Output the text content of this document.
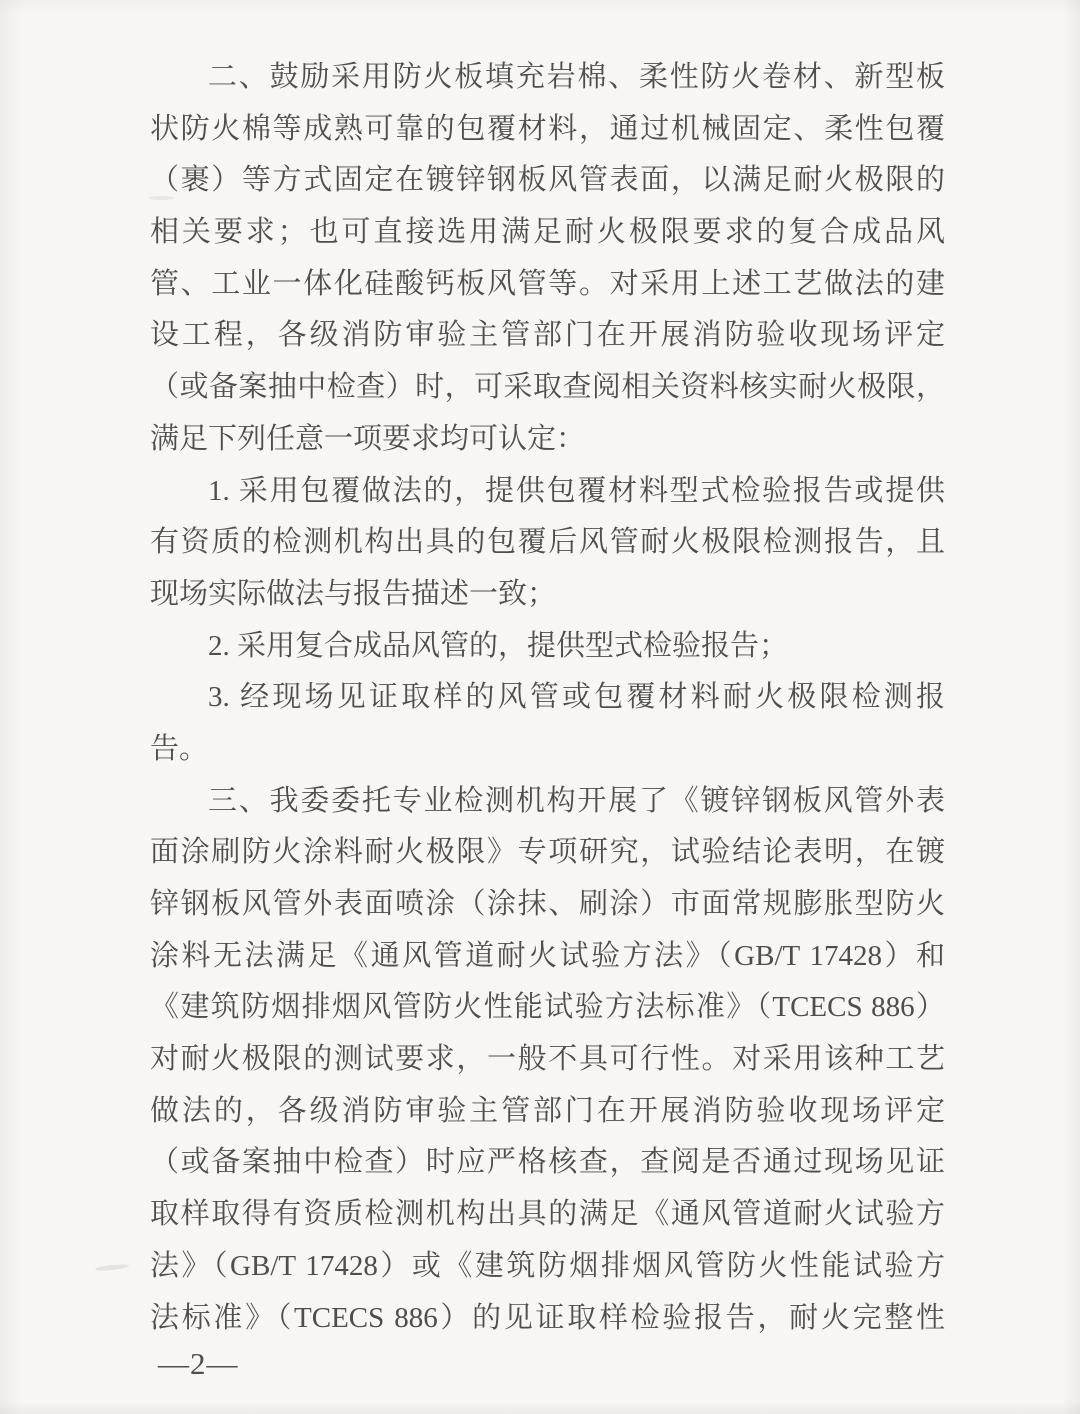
二、鼓励采用防火板填充岩棉、柔性防火卷材、新型板
状防火棉等成熟可靠的包覆材料，通过机械固定、柔性包覆
（裹）等方式固定在镀锌钢板风管表面，以满足耐火极限的
相关要求；也可直接选用满足耐火极限要求的复合成品风
管、工业一体化硅酸钙板风管等。对采用上述工艺做法的建
设工程，各级消防审验主管部门在开展消防验收现场评定
（或备案抽中检查）时，可采取查阅相关资料核实耐火极限，
满足下列任意一项要求均可认定：
1. 采用包覆做法的，提供包覆材料型式检验报告或提供
有资质的检测机构出具的包覆后风管耐火极限检测报告，且
现场实际做法与报告描述一致；
2. 采用复合成品风管的，提供型式检验报告；
3. 经现场见证取样的风管或包覆材料耐火极限检测报
告。
三、我委委托专业检测机构开展了《镀锌钢板风管外表
面涂刷防火涂料耐火极限》专项研究，试验结论表明，在镀
锌钢板风管外表面喷涂（涂抹、刷涂）市面常规膨胀型防火
涂料无法满足《通风管道耐火试验方法》（GB/T 17428）和
《建筑防烟排烟风管防火性能试验方法标准》（TCECS 886）
对耐火极限的测试要求，一般不具可行性。对采用该种工艺
做法的，各级消防审验主管部门在开展消防验收现场评定
（或备案抽中检查）时应严格核查，查阅是否通过现场见证
取样取得有资质检测机构出具的满足《通风管道耐火试验方
法》（GB/T 17428）或《建筑防烟排烟风管防火性能试验方
法标准》（TCECS 886）的见证取样检验报告，耐火完整性
—2—
